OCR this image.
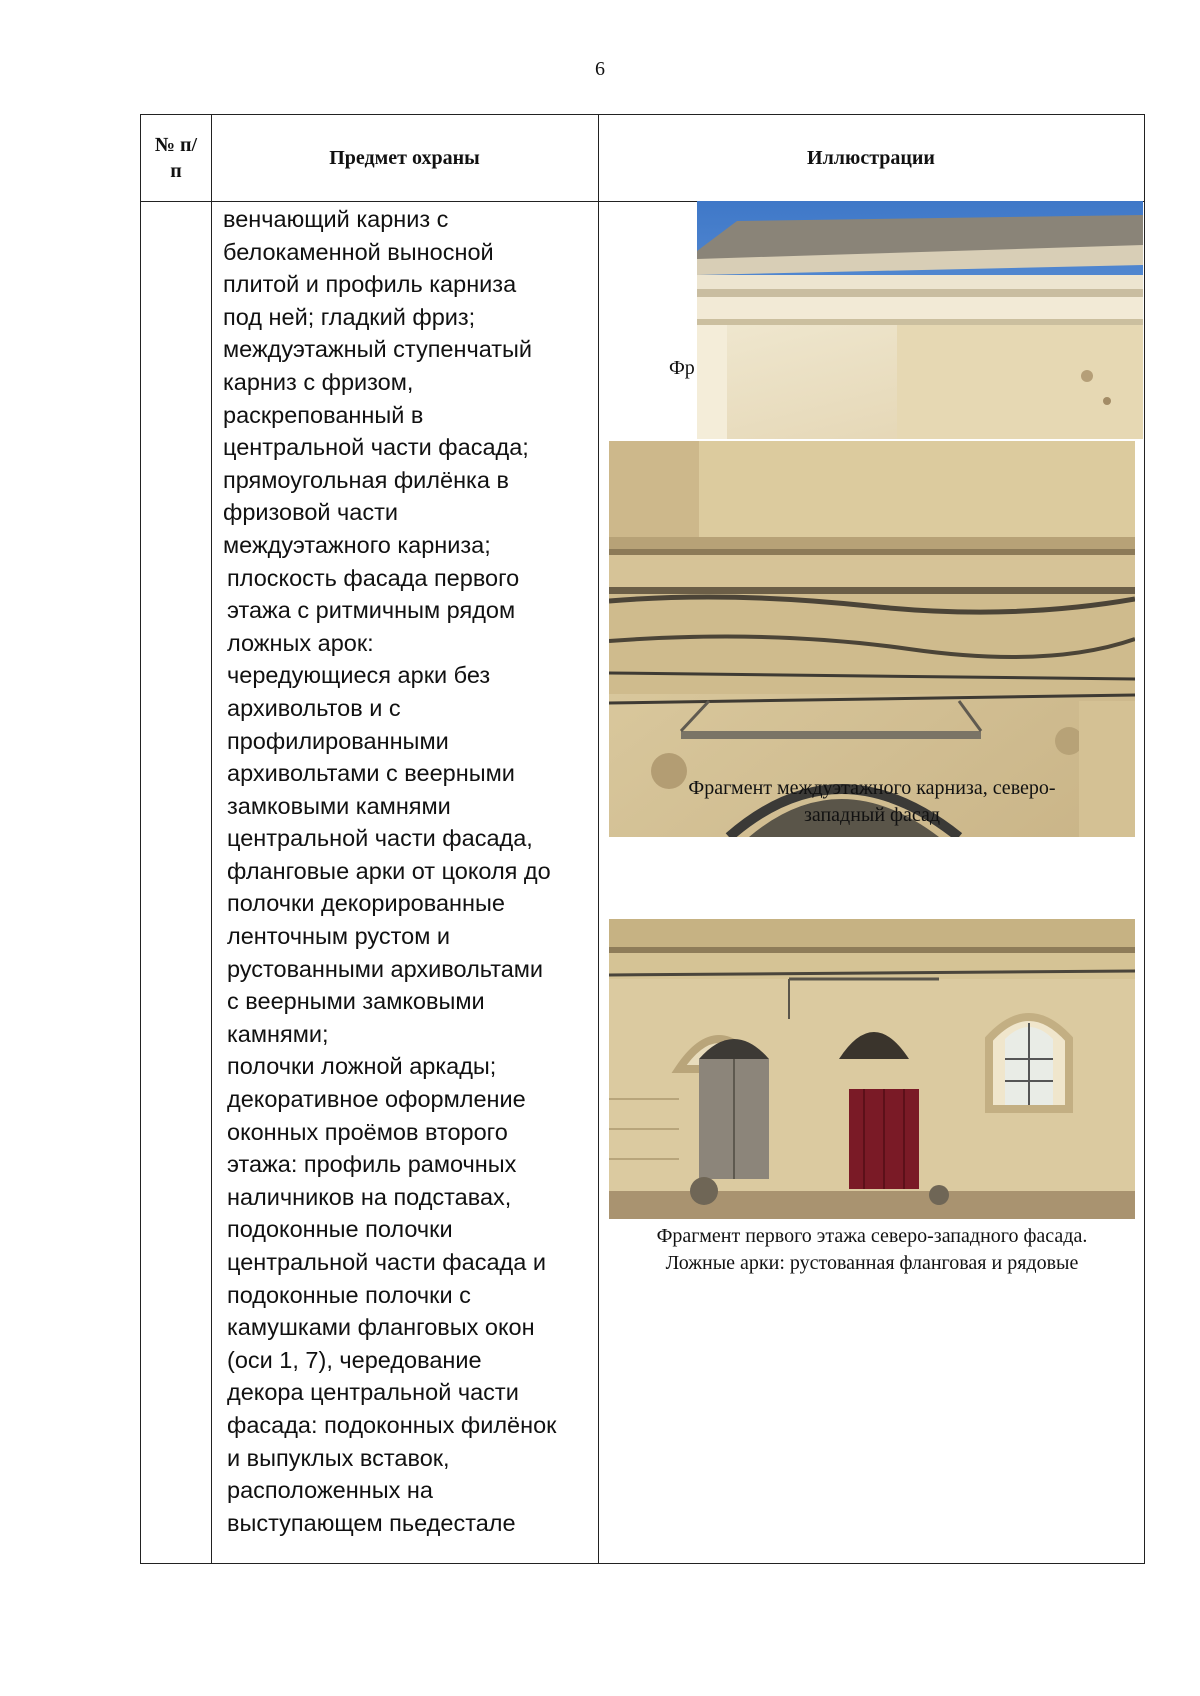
6
№ п/п
Предмет охраны	Иллюстрации

венчающий карниз с

белокаменной выносной

плитой и профиль карниза

под ней; гладкий фриз;

междуэтажный ступенчатый

карниз с фризом,

раскрепованный в

центральной части фасада;

прямоугольная филёнка в

фризовой части

междуэтажного карниза;

плоскость фасада первого

этажа с ритмичным рядом

ложных арок:

чередующиеся арки без

архивольтов и с

профилированными

архивольтами с веерными

замковыми камнями

центральной части фасада,

фланговые арки от цоколя до

полочки декорированные

ленточным рустом и

рустованными архивольтами

с веерными замковыми

камнями;

полочки ложной аркады;

декоративное оформление

оконных проёмов второго

этажа: профиль рамочных

наличников на подставах,

подоконные полочки

центральной части фасада и

подоконные полочки с

камушками фланговых окон

(оси 1, 7), чередование

декора центральной части

фасада: подоконных филёнок

и выпуклых вставок,

расположенных на

выступающем пьедестале

Фр
Фрагмент междуэтажного карниза, северо-
западный фасад
Фрагмент первого этажа северо-западного фасада.
Ложные арки: рустованная фланговая и рядовые
